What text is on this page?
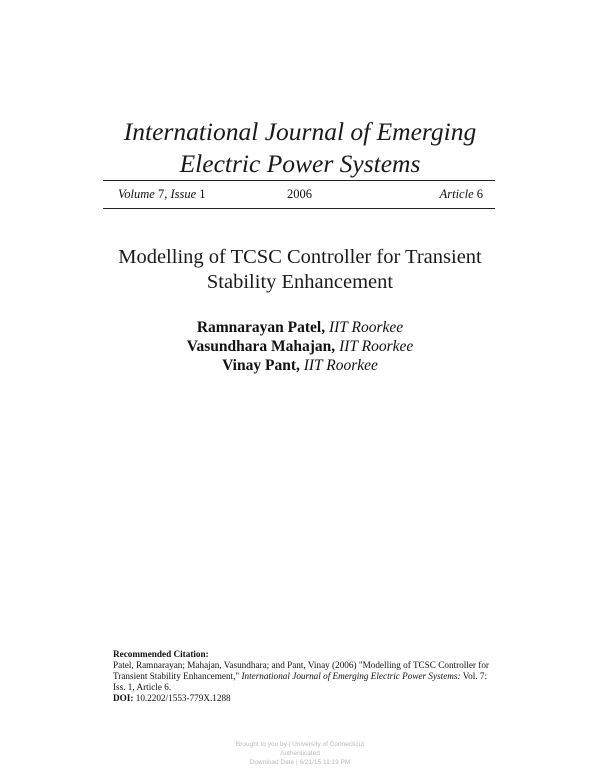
International Journal of Emerging
Electric Power Systems
Volume 7, Issue 1	2006	Article 6
Modelling of TCSC Controller for Transient
Stability Enhancement
Ramnarayan Patel, IIT Roorkee
Vasundhara Mahajan, IIT Roorkee
Vinay Pant, IIT Roorkee
Recommended Citation:
Patel, Ramnarayan; Mahajan, Vasundhara; and Pant, Vinay (2006) "Modelling of TCSC Controller for Transient Stability Enhancement," International Journal of Emerging Electric Power Systems: Vol. 7: Iss. 1, Article 6.
DOI: 10.2202/1553-779X.1288
Brought to you by | University of Connecticut
Authenticated
Download Date | 6/21/15 11:19 PM
